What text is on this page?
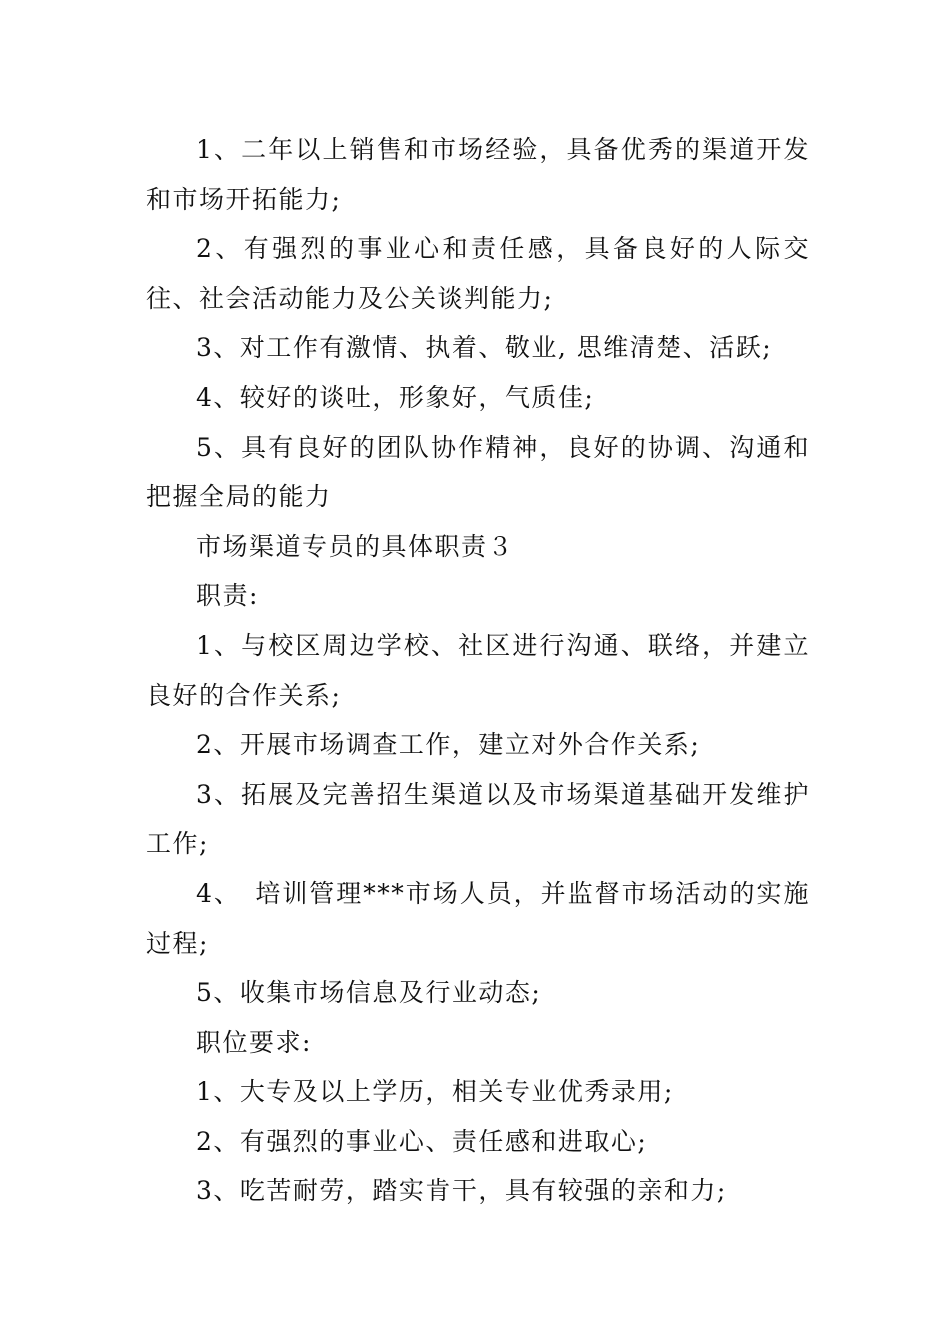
1、二年以上销售和市场经验，具备优秀的渠道开发和市场开拓能力;

2、有强烈的事业心和责任感，具备良好的人际交往、社会活动能力及公关谈判能力;

3、对工作有激情、执着、敬业, 思维清楚、活跃;

4、较好的谈吐，形象好，气质佳;

5、具有良好的团队协作精神，良好的协调、沟通和把握全局的能力

市场渠道专员的具体职责３

职责:

1、与校区周边学校、社区进行沟通、联络，并建立良好的合作关系;

2、开展市场调查工作，建立对外合作关系;

3、拓展及完善招生渠道以及市场渠道基础开发维护工作;

4、　培训管理***市场人员，并监督市场活动的实施过程;

5、收集市场信息及行业动态;

职位要求:

1、大专及以上学历，相关专业优秀录用;

2、有强烈的事业心、责任感和进取心;

3、吃苦耐劳，踏实肯干，具有较强的亲和力;
